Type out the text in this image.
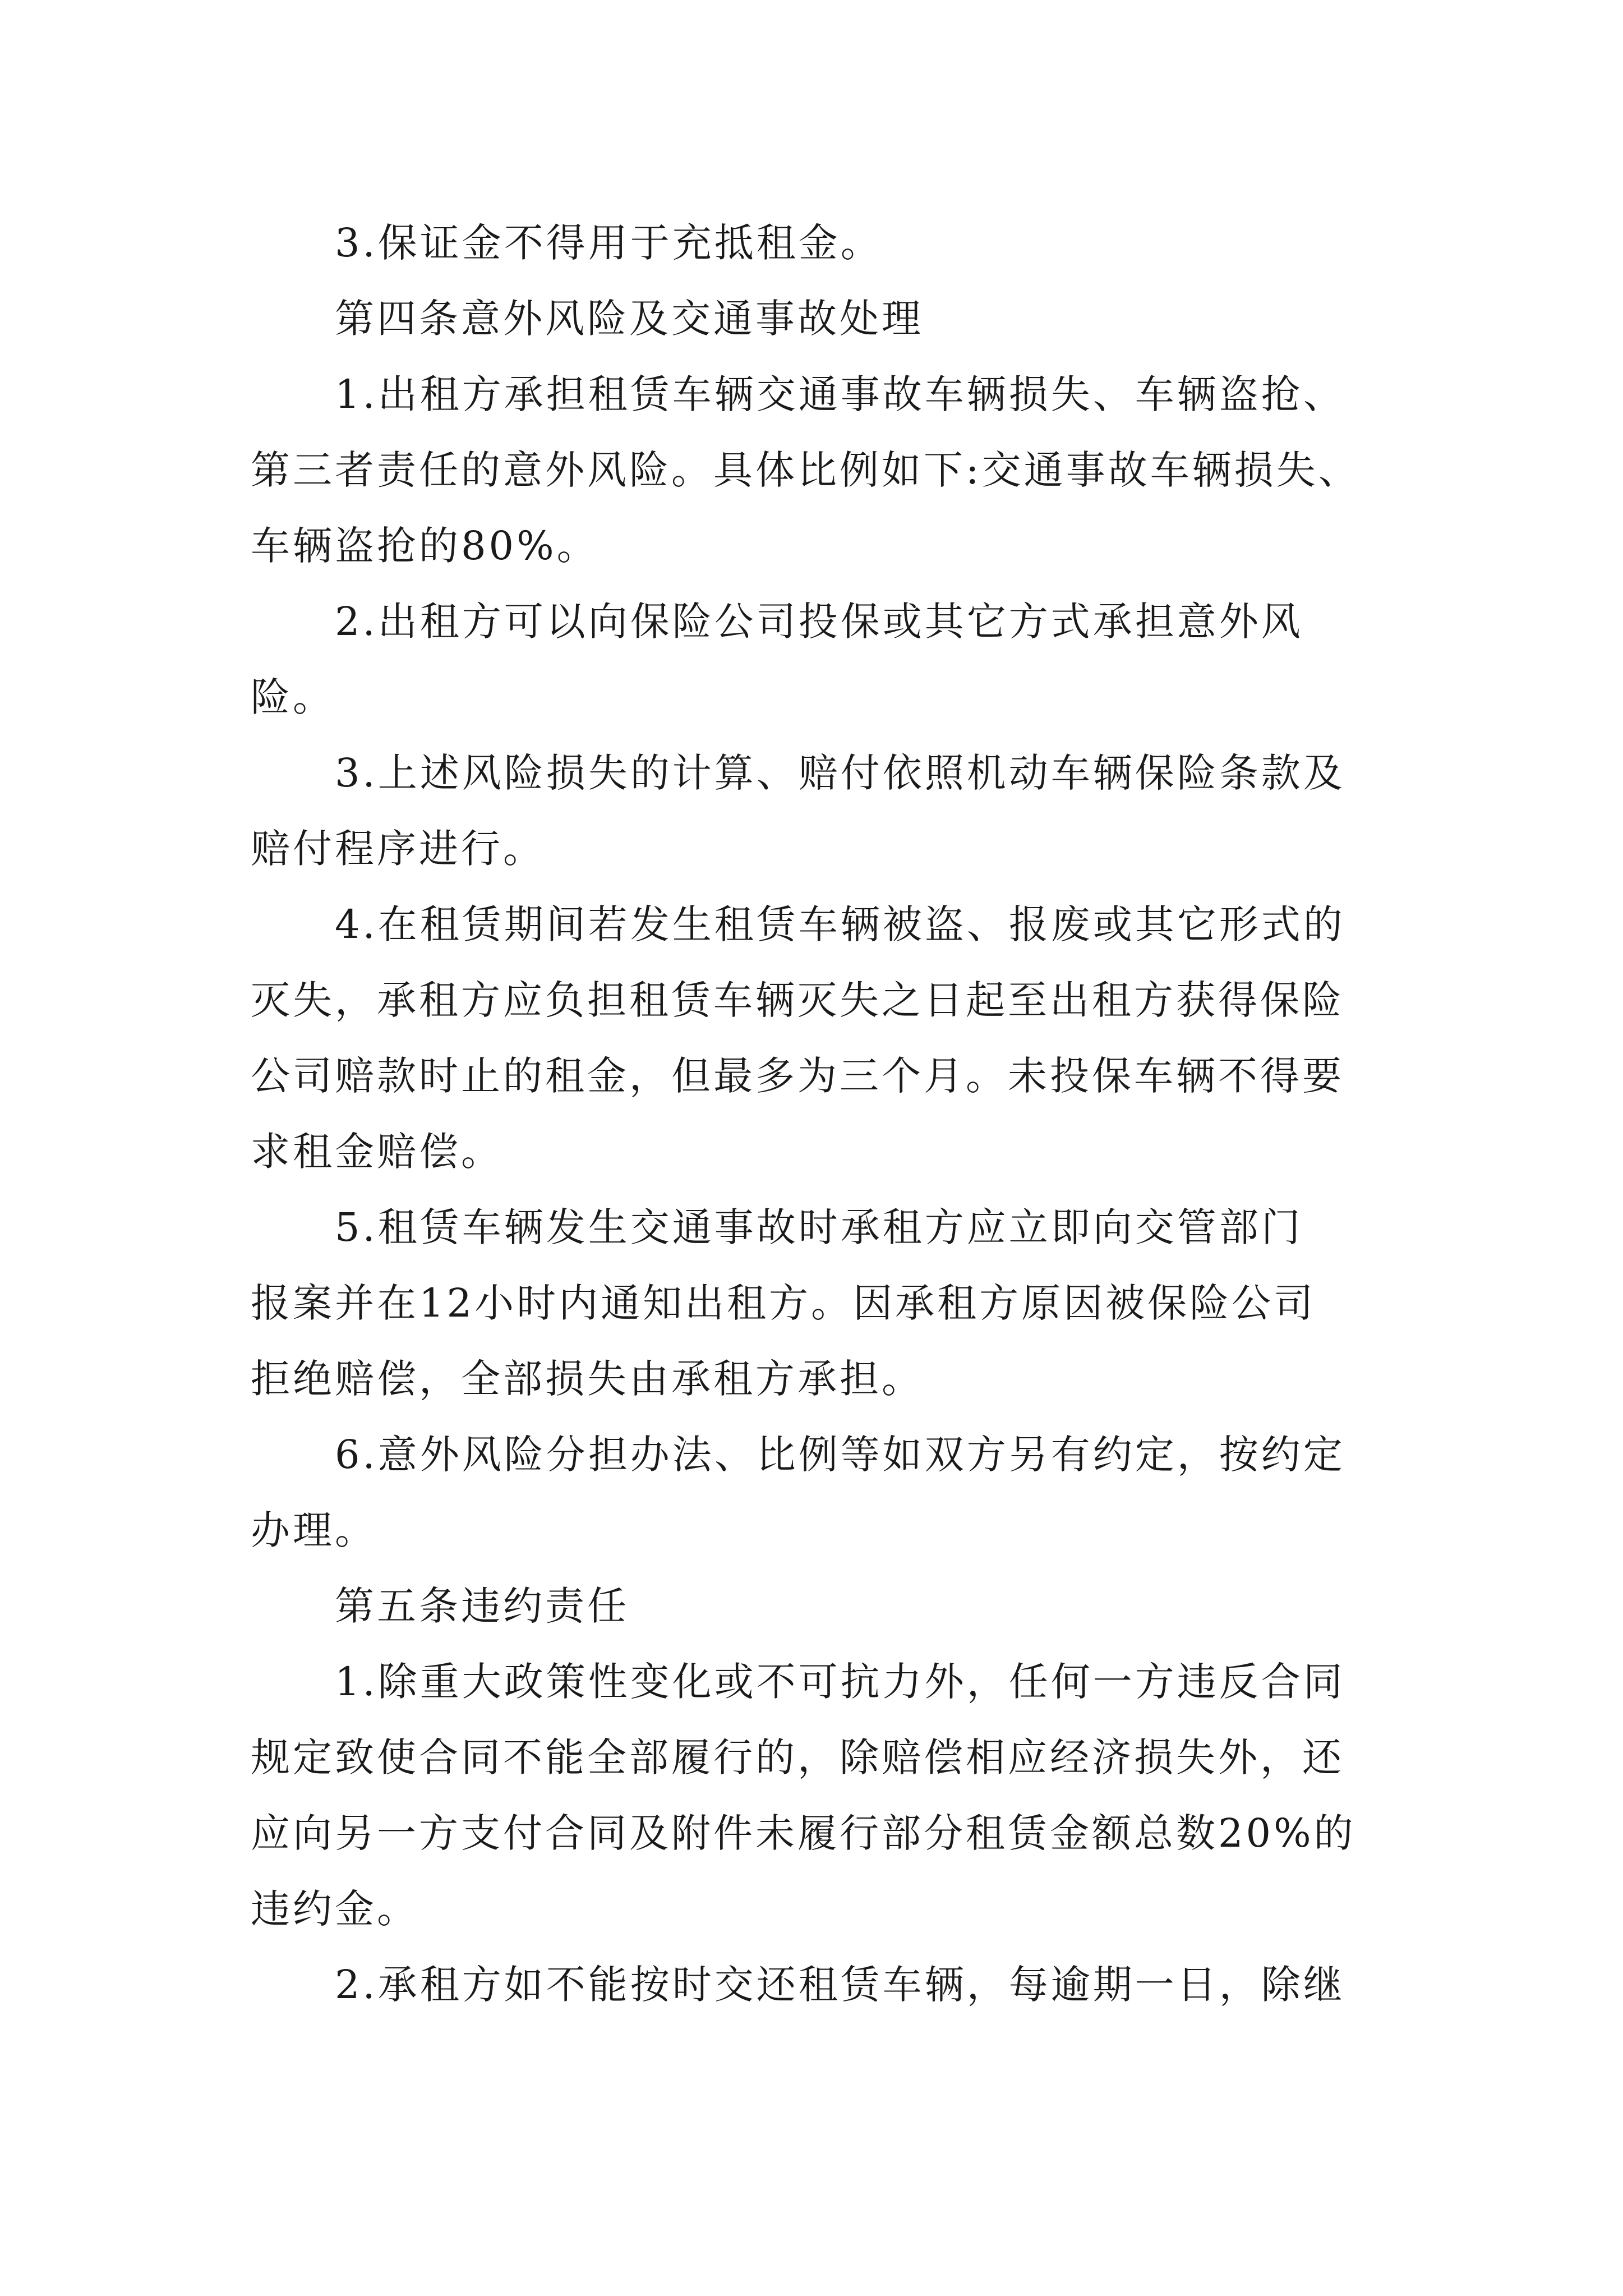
3.保证金不得用于充抵租金。
第四条意外风险及交通事故处理
1.出租方承担租赁车辆交通事故车辆损失、车辆盗抢、
第三者责任的意外风险。具体比例如下:交通事故车辆损失、
车辆盗抢的80%。
2.出租方可以向保险公司投保或其它方式承担意外风
险。
3.上述风险损失的计算、赔付依照机动车辆保险条款及
赔付程序进行。
4.在租赁期间若发生租赁车辆被盗、报废或其它形式的
灭失，承租方应负担租赁车辆灭失之日起至出租方获得保险
公司赔款时止的租金，但最多为三个月。未投保车辆不得要
求租金赔偿。
5.租赁车辆发生交通事故时承租方应立即向交管部门
报案并在12小时内通知出租方。因承租方原因被保险公司
拒绝赔偿，全部损失由承租方承担。
6.意外风险分担办法、比例等如双方另有约定，按约定
办理。
第五条违约责任
1.除重大政策性变化或不可抗力外，任何一方违反合同
规定致使合同不能全部履行的，除赔偿相应经济损失外，还
应向另一方支付合同及附件未履行部分租赁金额总数20%的
违约金。
2.承租方如不能按时交还租赁车辆，每逾期一日，除继
